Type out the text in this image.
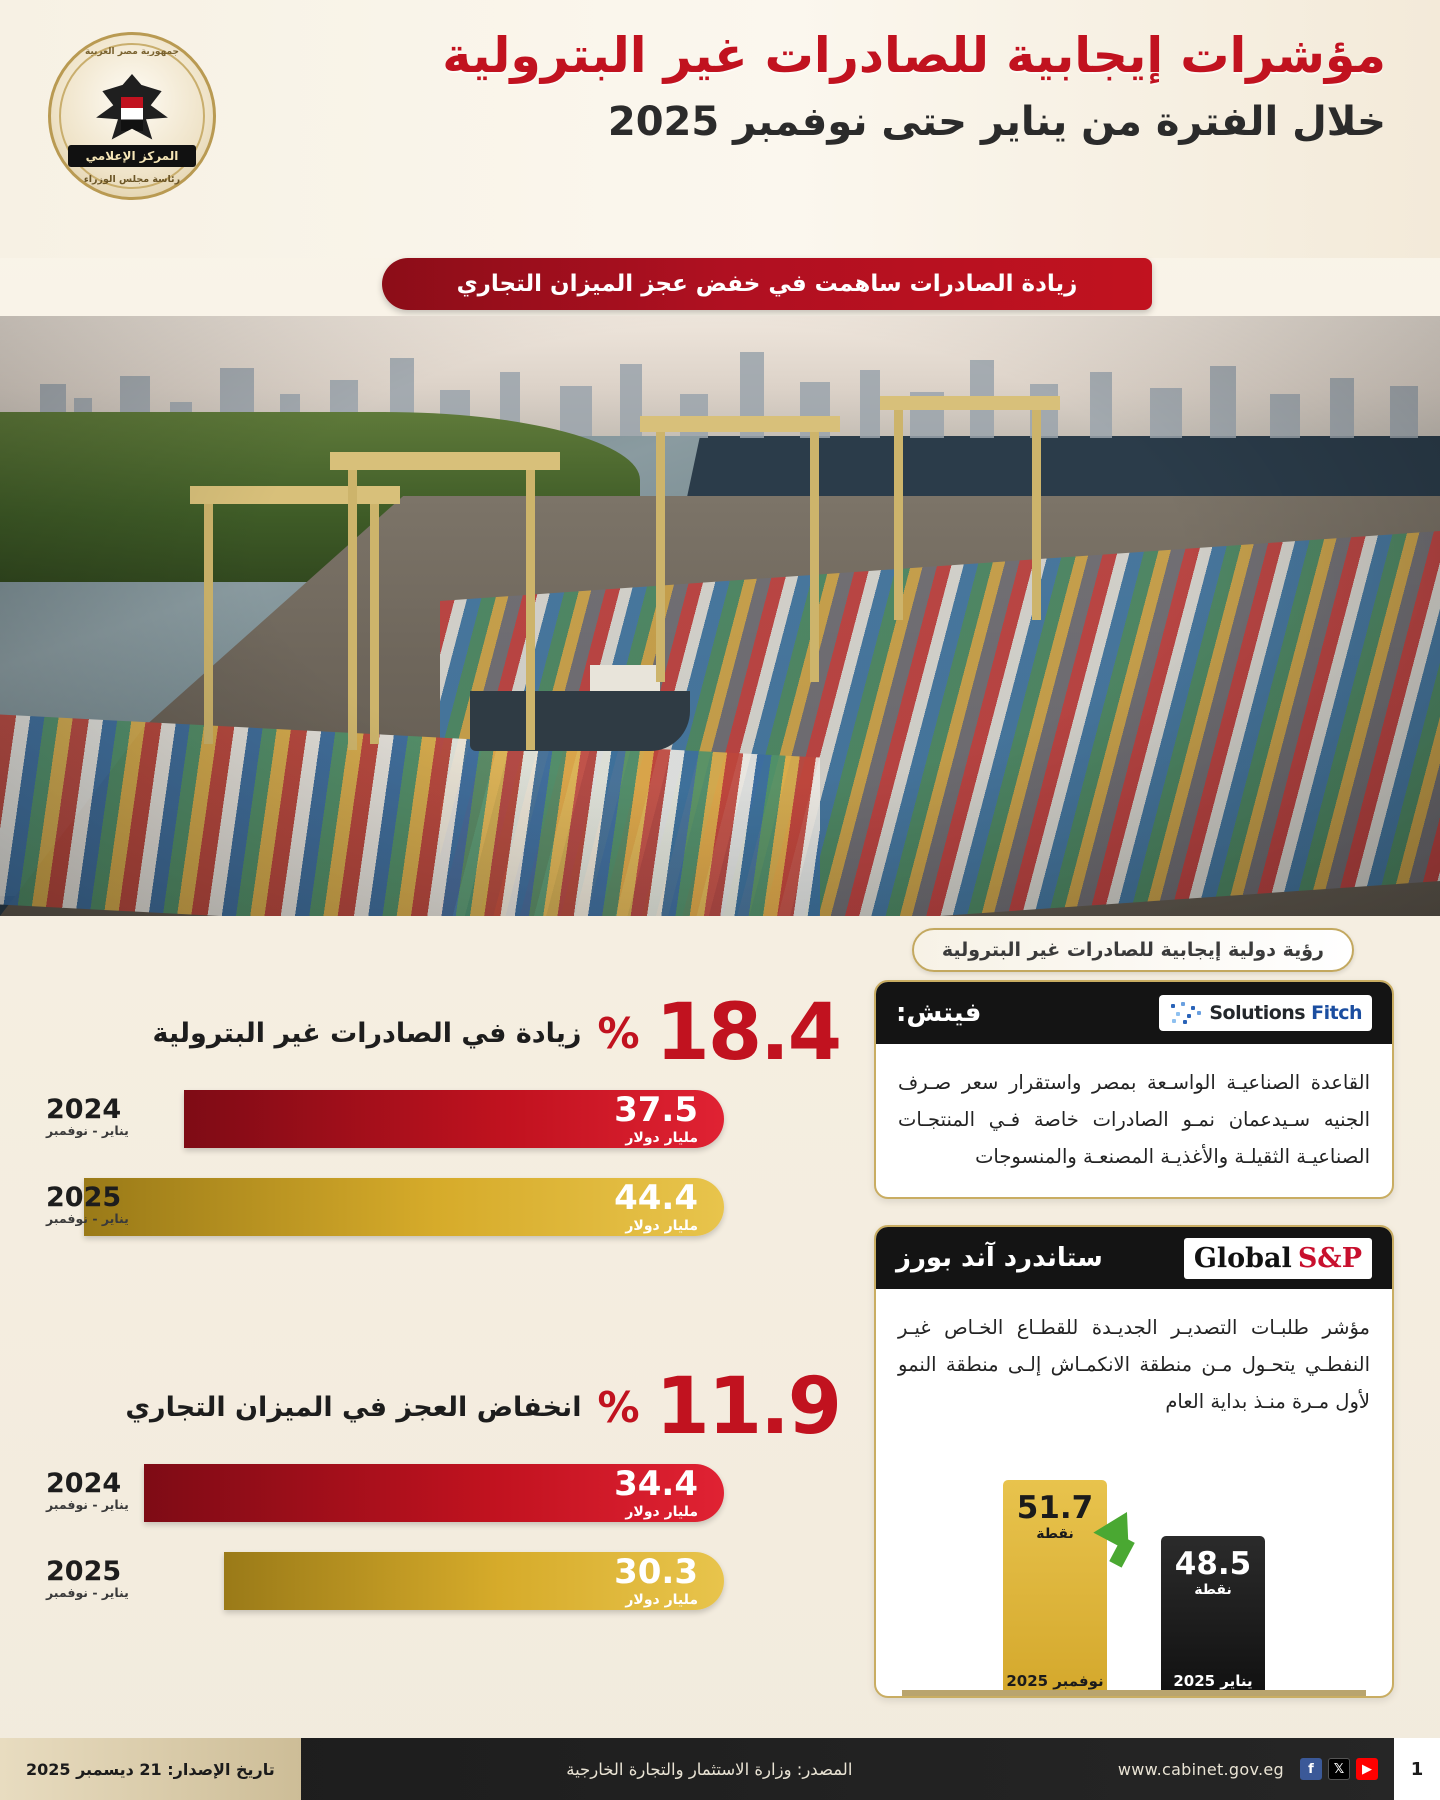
مؤشرات إيجابية للصادرات غير البترولية
خلال الفترة من يناير حتى نوفمبر 2025
جمهورية مصر العربية
المركز الإعلامي
رئاسة مجلس الوزراء
زيادة الصادرات ساهمت في خفض عجز الميزان التجاري
رؤية دولية إيجابية للصادرات غير البترولية
Fitch
Solutions
فيتش:
القاعدة الصناعيـة الواسـعة بمصر واستقرار سعر صـرف الجنيه سـيدعمان نمـو الصادرات خاصة فـي المنتجـات الصناعيـة الثقيلـة والأغذيـة المصنعـة والمنسوجات
S&P
Global
ستاندرد آند بورز
مؤشر طلبـات التصديـر الجديـدة للقطـاع الخـاص غيـر النفطـي يتحـول مـن منطقة الانكمـاش إلـى منطقة النمو لأول مـرة منـذ بداية العام
48.5
نقطة
يناير 2025
51.7
نقطة
نوفمبر 2025
18.4
%
زيادة في الصادرات غير البترولية
37.5
مليار دولار
2024
يناير - نوفمبر
44.4
مليار دولار
2025
يناير - نوفمبر
11.9
%
انخفاض العجز في الميزان التجاري
34.4
مليار دولار
2024
يناير - نوفمبر
30.3
مليار دولار
2025
يناير - نوفمبر
1
▶
𝕏
f
www.cabinet.gov.eg
المصدر: وزارة الاستثمار والتجارة الخارجية
تاريخ الإصدار: 21 ديسمبر 2025
